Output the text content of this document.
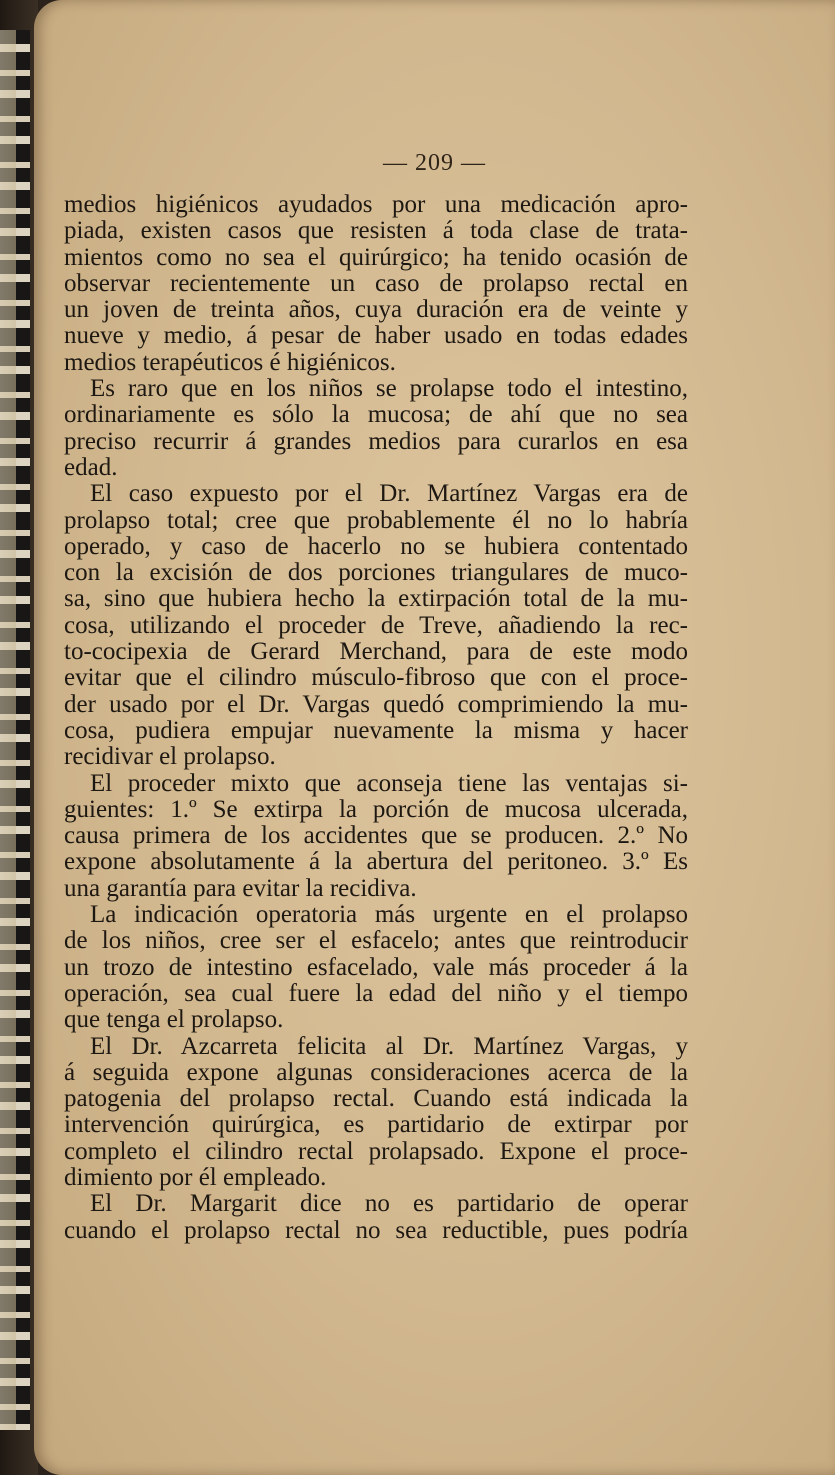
— 209 —
medios higiénicos ayudados por una medicación apro-
piada, existen casos que resisten á toda clase de trata-
mientos como no sea el quirúrgico; ha tenido ocasión de
observar recientemente un caso de prolapso rectal en
un joven de treinta años, cuya duración era de veinte y
nueve y medio, á pesar de haber usado en todas edades
medios terapéuticos é higiénicos.
Es raro que en los niños se prolapse todo el intestino,
ordinariamente es sólo la mucosa; de ahí que no sea
preciso recurrir á grandes medios para curarlos en esa
edad.
El caso expuesto por el Dr. Martínez Vargas era de
prolapso total; cree que probablemente él no lo habría
operado, y caso de hacerlo no se hubiera contentado
con la excisión de dos porciones triangulares de muco-
sa, sino que hubiera hecho la extirpación total de la mu-
cosa, utilizando el proceder de Treve, añadiendo la rec-
to-cocipexia de Gerard Merchand, para de este modo
evitar que el cilindro músculo-fibroso que con el proce-
der usado por el Dr. Vargas quedó comprimiendo la mu-
cosa, pudiera empujar nuevamente la misma y hacer
recidivar el prolapso.
El proceder mixto que aconseja tiene las ventajas si-
guientes: 1.º Se extirpa la porción de mucosa ulcerada,
causa primera de los accidentes que se producen. 2.º No
expone absolutamente á la abertura del peritoneo. 3.º Es
una garantía para evitar la recidiva.
La indicación operatoria más urgente en el prolapso
de los niños, cree ser el esfacelo; antes que reintroducir
un trozo de intestino esfacelado, vale más proceder á la
operación, sea cual fuere la edad del niño y el tiempo
que tenga el prolapso.
El Dr. Azcarreta felicita al Dr. Martínez Vargas, y
á seguida expone algunas consideraciones acerca de la
patogenia del prolapso rectal. Cuando está indicada la
intervención quirúrgica, es partidario de extirpar por
completo el cilindro rectal prolapsado. Expone el proce-
dimiento por él empleado.
El Dr. Margarit dice no es partidario de operar
cuando el prolapso rectal no sea reductible, pues podría
